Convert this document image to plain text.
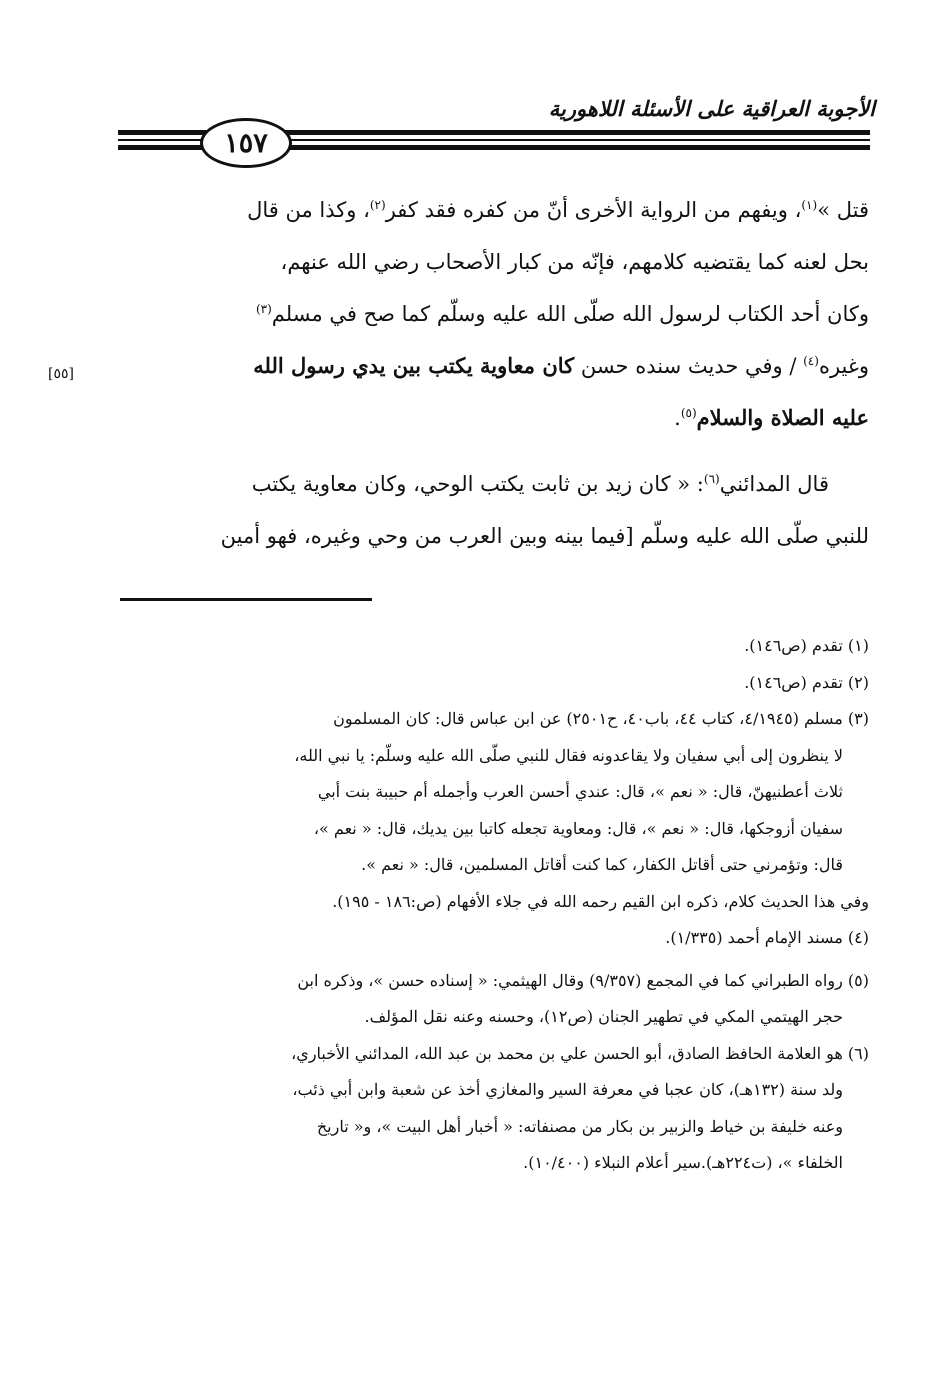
الأجوبة العراقية على الأسئلة اللاهورية
١٥٧
[٥٥]
قتل »$^{(١)}$، ويفهم من الرواية الأخرى أنّ من كفره فقد كفر$^{(٢)}$، وكذا من قال
بحل لعنه كما يقتضيه كلامهم، فإنّه من كبار الأصحاب رضي الله عنهم،
وكان أحد الكتاب لرسول الله صلّى الله عليه وسلّم كما صح في مسلم$^{(٣)}$
وغيره$^{(٤)}$ / وفي حديث سنده حسن كان معاوية يكتب بين يدي رسول الله
عليه الصلاة والسلام$^{(٥)}$.
قال المدائني$^{(٦)}$: « كان زيد بن ثابت يكتب الوحي، وكان معاوية يكتب
للنبي صلّى الله عليه وسلّم [فيما بينه وبين العرب من وحي وغيره، فهو أمين
(١) تقدم (ص١٤٦).
(٢) تقدم (ص١٤٦).
(٣) مسلم (٤/١٩٤٥، كتاب ٤٤، باب٤٠، ح٢٥٠١) عن ابن عباس قال: كان المسلمون
لا ينظرون إلى أبي سفيان ولا يقاعدونه فقال للنبي صلّى الله عليه وسلّم: يا نبي الله،
ثلاث أعطنيهنّ، قال: « نعم »، قال: عندي أحسن العرب وأجمله أم حبيبة بنت أبي
سفيان أزوجكها، قال: « نعم »، قال: ومعاوية تجعله كاتبا بين يديك، قال: « نعم »،
قال: وتؤمرني حتى أقاتل الكفار، كما كنت أقاتل المسلمين، قال: « نعم ».
وفي هذا الحديث كلام، ذكره ابن القيم رحمه الله في جلاء الأفهام (ص:١٨٦ - ١٩٥).
(٤) مسند الإمام أحمد (١/٣٣٥).
(٥) رواه الطبراني كما في المجمع (٩/٣٥٧) وقال الهيثمي: « إسناده حسن »، وذكره ابن
حجر الهيتمي المكي في تطهير الجنان (ص١٢)، وحسنه وعنه نقل المؤلف.
(٦) هو العلامة الحافظ الصادق، أبو الحسن علي بن محمد بن عبد الله، المدائني الأخباري،
ولد سنة (١٣٢هـ)، كان عجبا في معرفة السير والمغازي أخذ عن شعبة وابن أبي ذئب،
وعنه خليفة بن خياط والزبير بن بكار من مصنفاته: « أخبار أهل البيت »، و« تاريخ
الخلفاء »، (ت٢٢٤هـ).سير أعلام النبلاء (١٠/٤٠٠).
